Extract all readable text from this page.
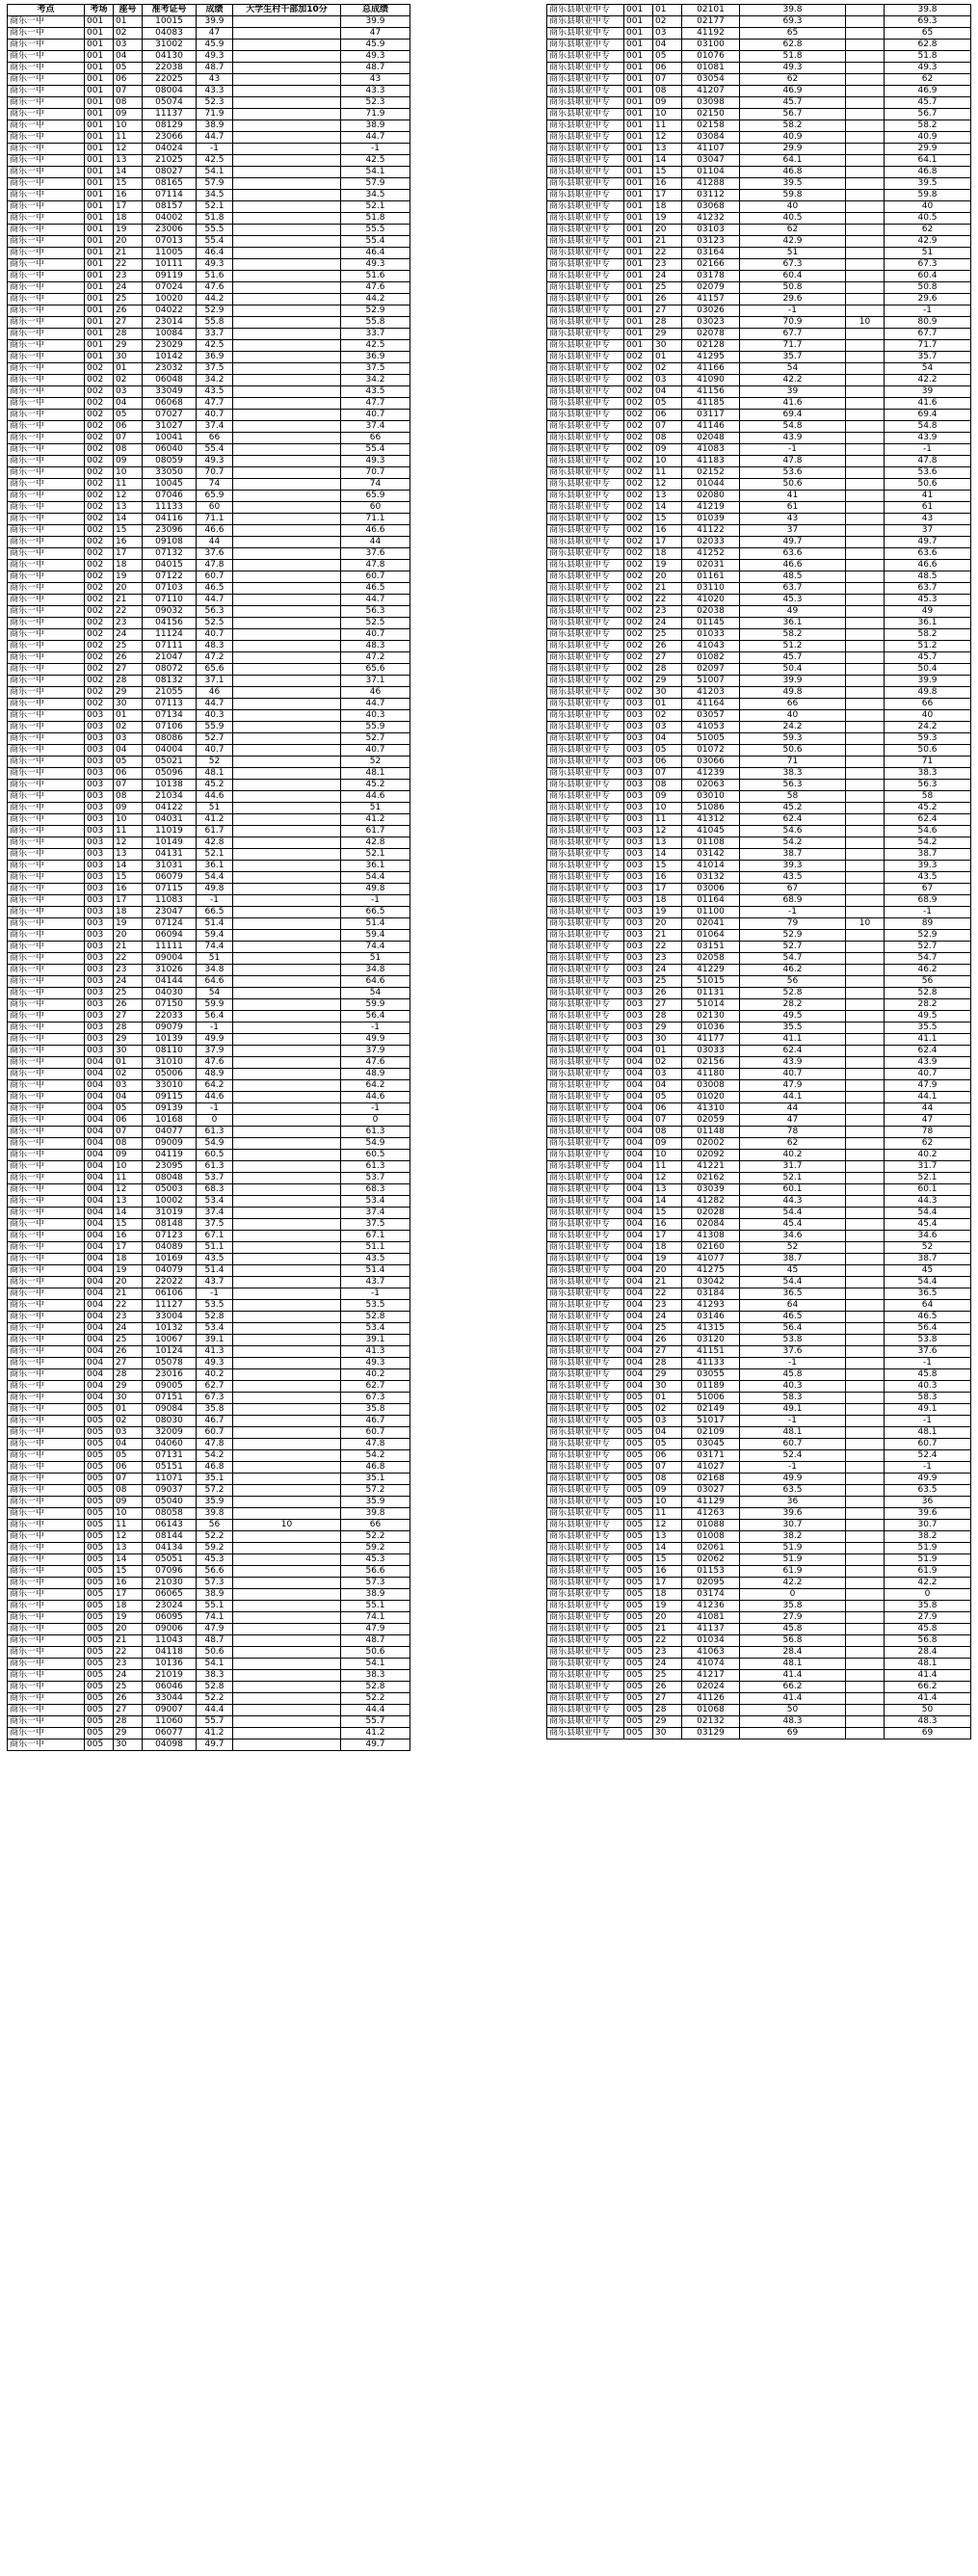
考点	考场	座号	准考证号	成绩	大学生村干部加10分	总成绩
商乐一中	001	01	10015	39.9		39.9
商乐一中	001	02	04083	47		47
商乐一中	001	03	31002	45.9		45.9
商乐一中	001	04	04130	49.3		49.3
商乐一中	001	05	22038	48.7		48.7
商乐一中	001	06	22025	43		43
商乐一中	001	07	08004	43.3		43.3
商乐一中	001	08	05074	52.3		52.3
商乐一中	001	09	11137	71.9		71.9
商乐一中	001	10	08129	38.9		38.9
商乐一中	001	11	23066	44.7		44.7
商乐一中	001	12	04024	-1		-1
商乐一中	001	13	21025	42.5		42.5
商乐一中	001	14	08027	54.1		54.1
商乐一中	001	15	08165	57.9		57.9
商乐一中	001	16	07114	34.5		34.5
商乐一中	001	17	08157	52.1		52.1
商乐一中	001	18	04002	51.8		51.8
商乐一中	001	19	23006	55.5		55.5
商乐一中	001	20	07013	55.4		55.4
商乐一中	001	21	11005	46.4		46.4
商乐一中	001	22	10111	49.3		49.3
商乐一中	001	23	09119	51.6		51.6
商乐一中	001	24	07024	47.6		47.6
商乐一中	001	25	10020	44.2		44.2
商乐一中	001	26	04022	52.9		52.9
商乐一中	001	27	23014	55.8		55.8
商乐一中	001	28	10084	33.7		33.7
商乐一中	001	29	23029	42.5		42.5
商乐一中	001	30	10142	36.9		36.9
商乐一中	002	01	23032	37.5		37.5
商乐一中	002	02	06048	34.2		34.2
商乐一中	002	03	33049	43.5		43.5
商乐一中	002	04	06068	47.7		47.7
商乐一中	002	05	07027	40.7		40.7
商乐一中	002	06	31027	37.4		37.4
商乐一中	002	07	10041	66		66
商乐一中	002	08	06040	55.4		55.4
商乐一中	002	09	08059	49.3		49.3
商乐一中	002	10	33050	70.7		70.7
商乐一中	002	11	10045	74		74
商乐一中	002	12	07046	65.9		65.9
商乐一中	002	13	11133	60		60
商乐一中	002	14	04116	71.1		71.1
商乐一中	002	15	23096	46.6		46.6
商乐一中	002	16	09108	44		44
商乐一中	002	17	07132	37.6		37.6
商乐一中	002	18	04015	47.8		47.8
商乐一中	002	19	07122	60.7		60.7
商乐一中	002	20	07103	46.5		46.5
商乐一中	002	21	07110	44.7		44.7
商乐一中	002	22	09032	56.3		56.3
商乐一中	002	23	04156	52.5		52.5
商乐一中	002	24	11124	40.7		40.7
商乐一中	002	25	07111	48.3		48.3
商乐一中	002	26	21047	47.2		47.2
商乐一中	002	27	08072	65.6		65.6
商乐一中	002	28	08132	37.1		37.1
商乐一中	002	29	21055	46		46
商乐一中	002	30	07113	44.7		44.7
商乐一中	003	01	07134	40.3		40.3
商乐一中	003	02	07106	55.9		55.9
商乐一中	003	03	08086	52.7		52.7
商乐一中	003	04	04004	40.7		40.7
商乐一中	003	05	05021	52		52
商乐一中	003	06	05096	48.1		48.1
商乐一中	003	07	10138	45.2		45.2
商乐一中	003	08	21034	44.6		44.6
商乐一中	003	09	04122	51		51
商乐一中	003	10	04031	41.2		41.2
商乐一中	003	11	11019	61.7		61.7
商乐一中	003	12	10149	42.8		42.8
商乐一中	003	13	04131	52.1		52.1
商乐一中	003	14	31031	36.1		36.1
商乐一中	003	15	06079	54.4		54.4
商乐一中	003	16	07115	49.8		49.8
商乐一中	003	17	11083	-1		-1
商乐一中	003	18	23047	66.5		66.5
商乐一中	003	19	07124	51.4		51.4
商乐一中	003	20	06094	59.4		59.4
商乐一中	003	21	11111	74.4		74.4
商乐一中	003	22	09004	51		51
商乐一中	003	23	31026	34.8		34.8
商乐一中	003	24	04144	64.6		64.6
商乐一中	003	25	04030	54		54
商乐一中	003	26	07150	59.9		59.9
商乐一中	003	27	22033	56.4		56.4
商乐一中	003	28	09079	-1		-1
商乐一中	003	29	10139	49.9		49.9
商乐一中	003	30	08110	37.9		37.9
商乐一中	004	01	31010	47.6		47.6
商乐一中	004	02	05006	48.9		48.9
商乐一中	004	03	33010	64.2		64.2
商乐一中	004	04	09115	44.6		44.6
商乐一中	004	05	09139	-1		-1
商乐一中	004	06	10168	0		0
商乐一中	004	07	04077	61.3		61.3
商乐一中	004	08	09009	54.9		54.9
商乐一中	004	09	04119	60.5		60.5
商乐一中	004	10	23095	61.3		61.3
商乐一中	004	11	08048	53.7		53.7
商乐一中	004	12	05003	68.3		68.3
商乐一中	004	13	10002	53.4		53.4
商乐一中	004	14	31019	37.4		37.4
商乐一中	004	15	08148	37.5		37.5
商乐一中	004	16	07123	67.1		67.1
商乐一中	004	17	04089	51.1		51.1
商乐一中	004	18	10169	43.5		43.5
商乐一中	004	19	04079	51.4		51.4
商乐一中	004	20	22022	43.7		43.7
商乐一中	004	21	06106	-1		-1
商乐一中	004	22	11127	53.5		53.5
商乐一中	004	23	33004	52.8		52.8
商乐一中	004	24	10132	53.4		53.4
商乐一中	004	25	10067	39.1		39.1
商乐一中	004	26	10124	41.3		41.3
商乐一中	004	27	05078	49.3		49.3
商乐一中	004	28	23016	40.2		40.2
商乐一中	004	29	09005	62.7		62.7
商乐一中	004	30	07151	67.3		67.3
商乐一中	005	01	09084	35.8		35.8
商乐一中	005	02	08030	46.7		46.7
商乐一中	005	03	32009	60.7		60.7
商乐一中	005	04	04060	47.8		47.8
商乐一中	005	05	07131	54.2		54.2
商乐一中	005	06	05151	46.8		46.8
商乐一中	005	07	11071	35.1		35.1
商乐一中	005	08	09037	57.2		57.2
商乐一中	005	09	05040	35.9		35.9
商乐一中	005	10	08058	39.8		39.8
商乐一中	005	11	06143	56	10	66
商乐一中	005	12	08144	52.2		52.2
商乐一中	005	13	04134	59.2		59.2
商乐一中	005	14	05051	45.3		45.3
商乐一中	005	15	07096	56.6		56.6
商乐一中	005	16	21030	57.3		57.3
商乐一中	005	17	06065	38.9		38.9
商乐一中	005	18	23024	55.1		55.1
商乐一中	005	19	06095	74.1		74.1
商乐一中	005	20	09006	47.9		47.9
商乐一中	005	21	11043	48.7		48.7
商乐一中	005	22	04118	50.6		50.6
商乐一中	005	23	10136	54.1		54.1
商乐一中	005	24	21019	38.3		38.3
商乐一中	005	25	06046	52.8		52.8
商乐一中	005	26	33044	52.2		52.2
商乐一中	005	27	09007	44.4		44.4
商乐一中	005	28	11060	55.7		55.7
商乐一中	005	29	06077	41.2		41.2
商乐一中	005	30	04098	49.7		49.7
商乐县职业中专	001	01	02101	39.8		39.8
商乐县职业中专	001	02	02177	69.3		69.3
商乐县职业中专	001	03	41192	65		65
商乐县职业中专	001	04	03100	62.8		62.8
商乐县职业中专	001	05	01076	51.8		51.8
商乐县职业中专	001	06	01081	49.3		49.3
商乐县职业中专	001	07	03054	62		62
商乐县职业中专	001	08	41207	46.9		46.9
商乐县职业中专	001	09	03098	45.7		45.7
商乐县职业中专	001	10	02150	56.7		56.7
商乐县职业中专	001	11	02158	58.2		58.2
商乐县职业中专	001	12	03084	40.9		40.9
商乐县职业中专	001	13	41107	29.9		29.9
商乐县职业中专	001	14	03047	64.1		64.1
商乐县职业中专	001	15	01104	46.8		46.8
商乐县职业中专	001	16	41288	39.5		39.5
商乐县职业中专	001	17	03112	59.8		59.8
商乐县职业中专	001	18	03068	40		40
商乐县职业中专	001	19	41232	40.5		40.5
商乐县职业中专	001	20	03103	62		62
商乐县职业中专	001	21	03123	42.9		42.9
商乐县职业中专	001	22	03164	51		51
商乐县职业中专	001	23	02166	67.3		67.3
商乐县职业中专	001	24	03178	60.4		60.4
商乐县职业中专	001	25	02079	50.8		50.8
商乐县职业中专	001	26	41157	29.6		29.6
商乐县职业中专	001	27	03026	-1		-1
商乐县职业中专	001	28	03023	70.9	10	80.9
商乐县职业中专	001	29	02078	67.7		67.7
商乐县职业中专	001	30	02128	71.7		71.7
商乐县职业中专	002	01	41295	35.7		35.7
商乐县职业中专	002	02	41166	54		54
商乐县职业中专	002	03	41090	42.2		42.2
商乐县职业中专	002	04	41156	39		39
商乐县职业中专	002	05	41185	41.6		41.6
商乐县职业中专	002	06	03117	69.4		69.4
商乐县职业中专	002	07	41146	54.8		54.8
商乐县职业中专	002	08	02048	43.9		43.9
商乐县职业中专	002	09	41083	-1		-1
商乐县职业中专	002	10	41183	47.8		47.8
商乐县职业中专	002	11	02152	53.6		53.6
商乐县职业中专	002	12	01044	50.6		50.6
商乐县职业中专	002	13	02080	41		41
商乐县职业中专	002	14	41219	61		61
商乐县职业中专	002	15	01039	43		43
商乐县职业中专	002	16	41122	37		37
商乐县职业中专	002	17	02033	49.7		49.7
商乐县职业中专	002	18	41252	63.6		63.6
商乐县职业中专	002	19	02031	46.6		46.6
商乐县职业中专	002	20	01161	48.5		48.5
商乐县职业中专	002	21	03110	63.7		63.7
商乐县职业中专	002	22	41020	45.3		45.3
商乐县职业中专	002	23	02038	49		49
商乐县职业中专	002	24	01145	36.1		36.1
商乐县职业中专	002	25	01033	58.2		58.2
商乐县职业中专	002	26	41043	51.2		51.2
商乐县职业中专	002	27	01082	45.7		45.7
商乐县职业中专	002	28	02097	50.4		50.4
商乐县职业中专	002	29	51007	39.9		39.9
商乐县职业中专	002	30	41203	49.8		49.8
商乐县职业中专	003	01	41164	66		66
商乐县职业中专	003	02	03057	40		40
商乐县职业中专	003	03	41053	24.2		24.2
商乐县职业中专	003	04	51005	59.3		59.3
商乐县职业中专	003	05	01072	50.6		50.6
商乐县职业中专	003	06	03066	71		71
商乐县职业中专	003	07	41239	38.3		38.3
商乐县职业中专	003	08	02063	56.3		56.3
商乐县职业中专	003	09	03010	58		58
商乐县职业中专	003	10	51086	45.2		45.2
商乐县职业中专	003	11	41312	62.4		62.4
商乐县职业中专	003	12	41045	54.6		54.6
商乐县职业中专	003	13	01108	54.2		54.2
商乐县职业中专	003	14	03142	38.7		38.7
商乐县职业中专	003	15	41014	39.3		39.3
商乐县职业中专	003	16	03132	43.5		43.5
商乐县职业中专	003	17	03006	67		67
商乐县职业中专	003	18	01164	68.9		68.9
商乐县职业中专	003	19	01100	-1		-1
商乐县职业中专	003	20	02041	79	10	89
商乐县职业中专	003	21	01064	52.9		52.9
商乐县职业中专	003	22	03151	52.7		52.7
商乐县职业中专	003	23	02058	54.7		54.7
商乐县职业中专	003	24	41229	46.2		46.2
商乐县职业中专	003	25	51015	56		56
商乐县职业中专	003	26	01131	52.8		52.8
商乐县职业中专	003	27	51014	28.2		28.2
商乐县职业中专	003	28	02130	49.5		49.5
商乐县职业中专	003	29	01036	35.5		35.5
商乐县职业中专	003	30	41177	41.1		41.1
商乐县职业中专	004	01	03033	62.4		62.4
商乐县职业中专	004	02	02156	43.9		43.9
商乐县职业中专	004	03	41180	40.7		40.7
商乐县职业中专	004	04	03008	47.9		47.9
商乐县职业中专	004	05	01020	44.1		44.1
商乐县职业中专	004	06	41310	44		44
商乐县职业中专	004	07	02059	47		47
商乐县职业中专	004	08	01148	78		78
商乐县职业中专	004	09	02002	62		62
商乐县职业中专	004	10	02092	40.2		40.2
商乐县职业中专	004	11	41221	31.7		31.7
商乐县职业中专	004	12	02162	52.1		52.1
商乐县职业中专	004	13	03039	60.1		60.1
商乐县职业中专	004	14	41282	44.3		44.3
商乐县职业中专	004	15	02028	54.4		54.4
商乐县职业中专	004	16	02084	45.4		45.4
商乐县职业中专	004	17	41308	34.6		34.6
商乐县职业中专	004	18	02160	52		52
商乐县职业中专	004	19	41077	38.7		38.7
商乐县职业中专	004	20	41275	45		45
商乐县职业中专	004	21	03042	54.4		54.4
商乐县职业中专	004	22	03184	36.5		36.5
商乐县职业中专	004	23	41293	64		64
商乐县职业中专	004	24	03146	46.5		46.5
商乐县职业中专	004	25	41315	56.4		56.4
商乐县职业中专	004	26	03120	53.8		53.8
商乐县职业中专	004	27	41151	37.6		37.6
商乐县职业中专	004	28	41133	-1		-1
商乐县职业中专	004	29	03055	45.8		45.8
商乐县职业中专	004	30	01189	40.3		40.3
商乐县职业中专	005	01	51006	58.3		58.3
商乐县职业中专	005	02	02149	49.1		49.1
商乐县职业中专	005	03	51017	-1		-1
商乐县职业中专	005	04	02109	48.1		48.1
商乐县职业中专	005	05	03045	60.7		60.7
商乐县职业中专	005	06	03171	52.4		52.4
商乐县职业中专	005	07	41027	-1		-1
商乐县职业中专	005	08	02168	49.9		49.9
商乐县职业中专	005	09	03027	63.5		63.5
商乐县职业中专	005	10	41129	36		36
商乐县职业中专	005	11	41263	39.6		39.6
商乐县职业中专	005	12	01088	30.7		30.7
商乐县职业中专	005	13	01008	38.2		38.2
商乐县职业中专	005	14	02061	51.9		51.9
商乐县职业中专	005	15	02062	51.9		51.9
商乐县职业中专	005	16	01153	61.9		61.9
商乐县职业中专	005	17	02095	42.2		42.2
商乐县职业中专	005	18	03174	0		0
商乐县职业中专	005	19	41236	35.8		35.8
商乐县职业中专	005	20	41081	27.9		27.9
商乐县职业中专	005	21	41137	45.8		45.8
商乐县职业中专	005	22	01034	56.8		56.8
商乐县职业中专	005	23	41063	28.4		28.4
商乐县职业中专	005	24	41074	48.1		48.1
商乐县职业中专	005	25	41217	41.4		41.4
商乐县职业中专	005	26	02024	66.2		66.2
商乐县职业中专	005	27	41126	41.4		41.4
商乐县职业中专	005	28	01068	50		50
商乐县职业中专	005	29	02132	48.3		48.3
商乐县职业中专	005	30	03129	69		69
